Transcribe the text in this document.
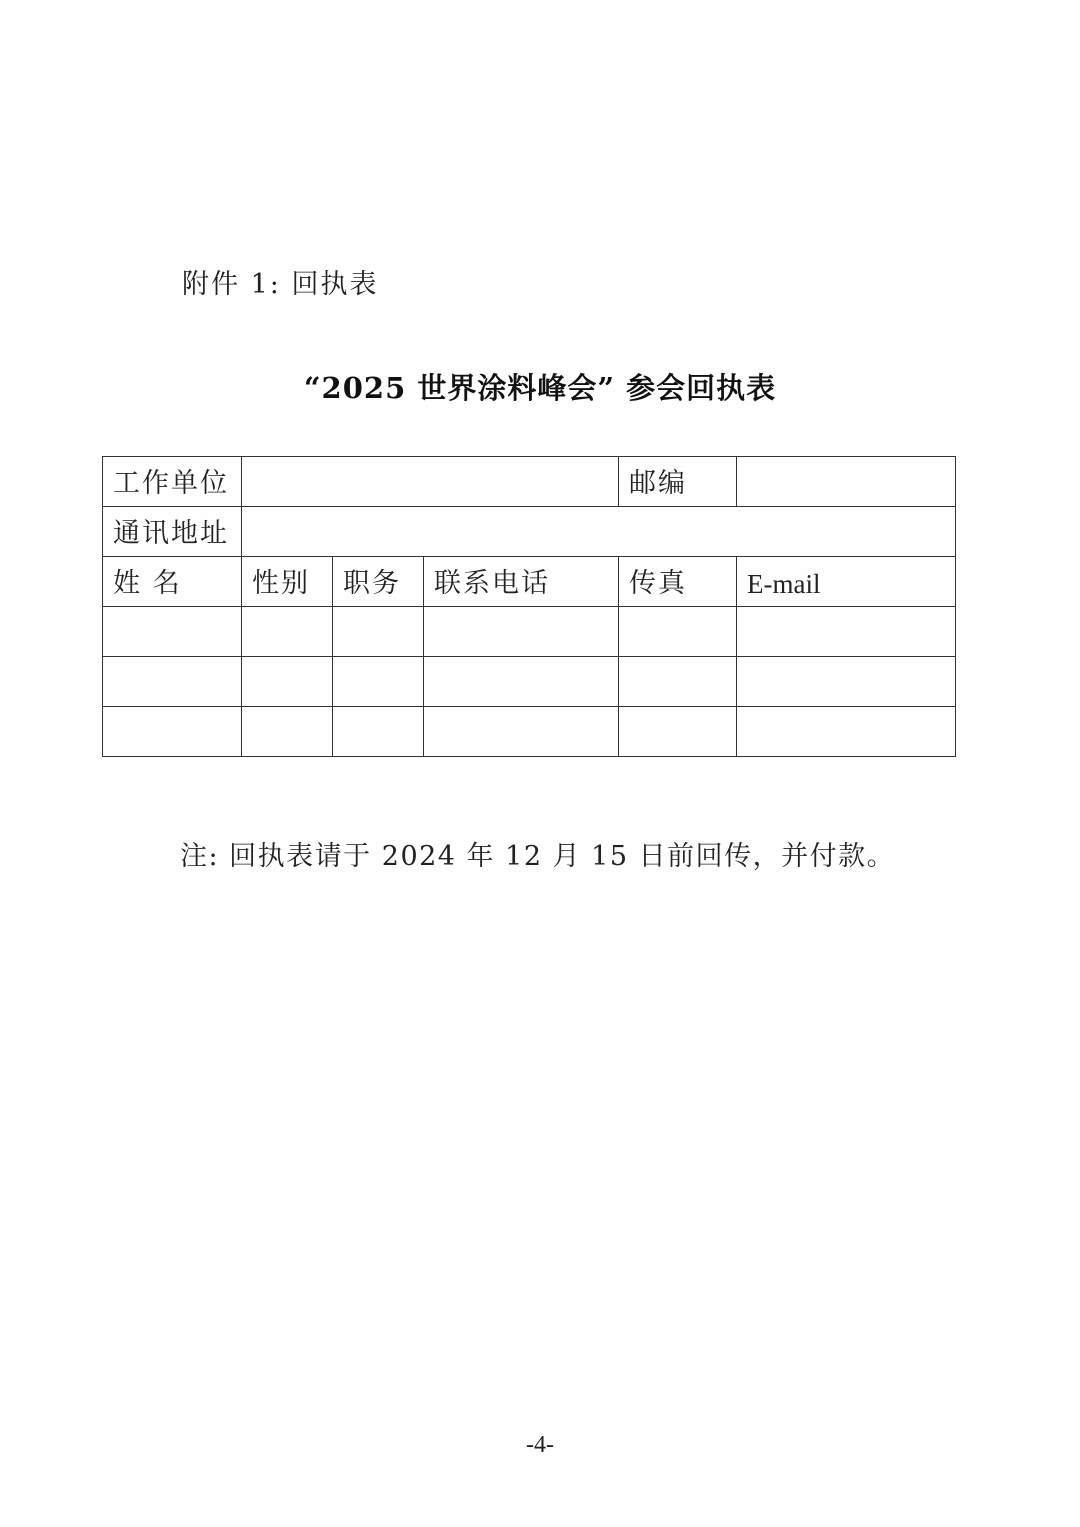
附件 1: 回执表
“2025 世界涂料峰会” 参会回执表
工作单位				邮编	
通讯地址					
姓 名	性别	职务	联系电话	传真	E-mail

注: 回执表请于 2024 年 12 月 15 日前回传，并付款。
-4-
